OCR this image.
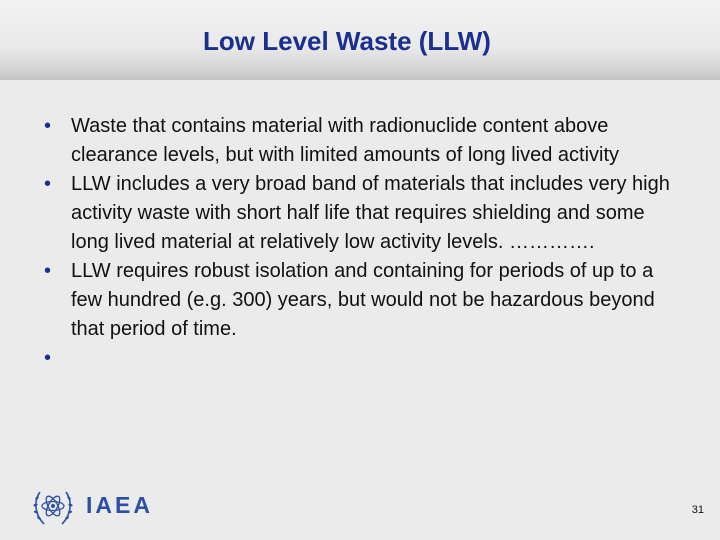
Low Level Waste (LLW)
• Waste that contains material with radionuclide content above clearance levels, but with limited amounts of long lived activity
• LLW includes a very broad band of materials that includes very high activity waste with short half life that requires shielding and some long lived material at relatively low activity levels. ………….
• LLW requires robust isolation and containing for periods of up to a few hundred (e.g. 300) years, but would not be hazardous beyond that period of time.
•
IAEA	31
